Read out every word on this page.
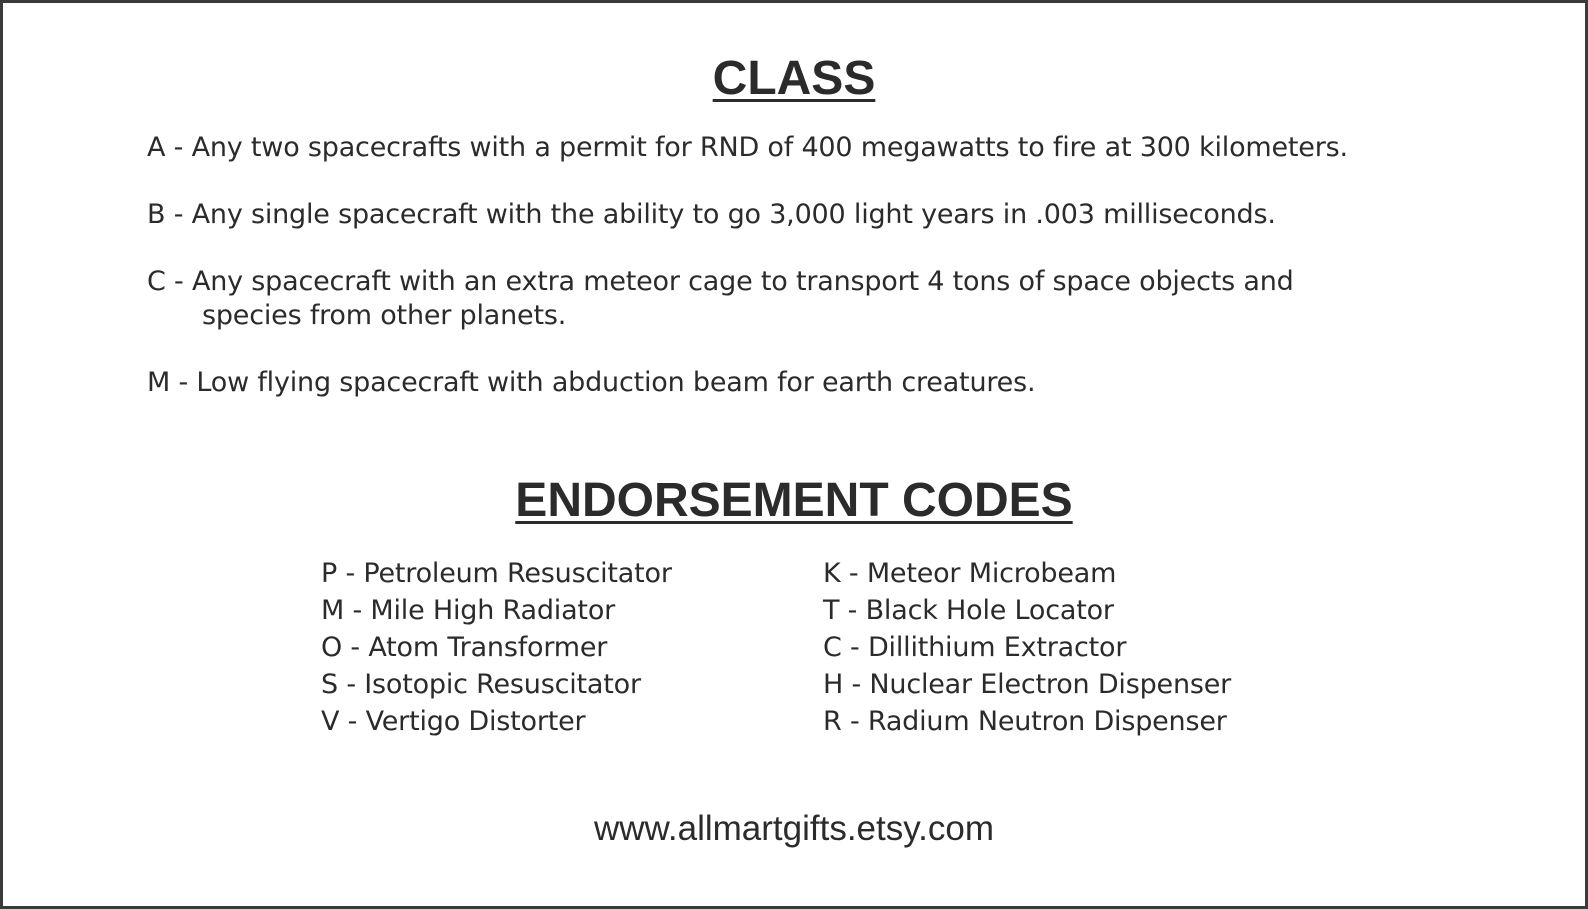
CLASS
A - Any two spacecrafts with a permit for RND of 400 megawatts to fire at 300 kilometers.
B - Any single spacecraft with the ability to go 3,000 light years in .003 milliseconds.
C - Any spacecraft with an extra meteor cage to transport 4 tons of space objects and
species from other planets.
M - Low flying spacecraft with abduction beam for earth creatures.
ENDORSEMENT CODES
P - Petroleum Resuscitator
M - Mile High Radiator
O - Atom Transformer
S - Isotopic Resuscitator
V - Vertigo Distorter
K - Meteor Microbeam
T - Black Hole Locator
C - Dillithium Extractor
H - Nuclear Electron Dispenser
R - Radium Neutron Dispenser
www.allmartgifts.etsy.com
